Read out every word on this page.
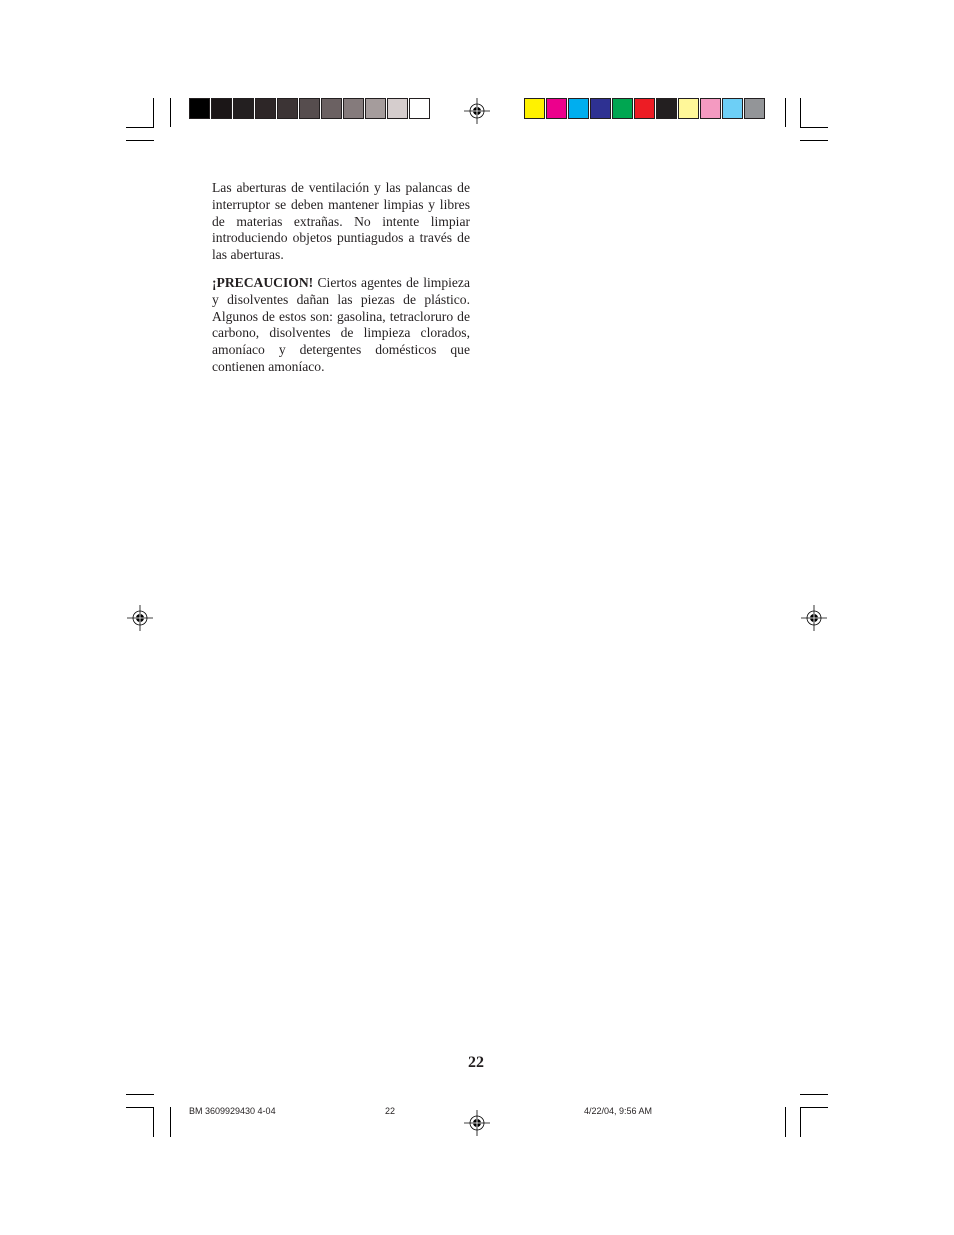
Las aberturas de ventilación y las palancas de interruptor se deben mantener limpias y libres de materias extrañas. No intente limpiar introduciendo objetos puntiagudos a través de las aberturas.

¡PRECAUCION! Ciertos agentes de limpieza y disolventes dañan las piezas de plástico. Algunos de estos son: gasolina, tetracloruro de carbono, disolventes de limpieza clorados, amoníaco y detergentes domésticos que contienen amoníaco.

22
BM 3609929430 4-04	22	4/22/04, 9:56 AM
